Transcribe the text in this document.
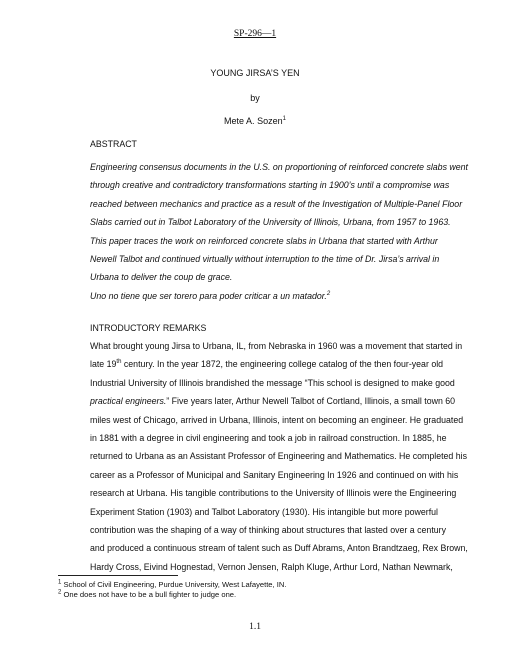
SP-296—1
YOUNG JIRSA’S YEN
by
Mete A. Sozen$^1$
ABSTRACT
Engineering consensus documents in the U.S. on proportioning of reinforced concrete slabs went
through creative and contradictory transformations starting in 1900’s until a compromise was
reached between mechanics and practice as a result of the Investigation of Multiple-Panel Floor
Slabs carried out in Talbot Laboratory of the University of Illinois, Urbana, from 1957 to 1963.
This paper traces the work on reinforced concrete slabs in Urbana that started with Arthur
Newell Talbot and continued virtually without interruption to the time of Dr. Jirsa’s arrival in
Urbana to deliver the coup de grace.
Uno no tiene que ser torero para poder criticar a un matador.$^2$
INTRODUCTORY REMARKS
What brought young Jirsa to Urbana, IL, from Nebraska in 1960 was a movement that started in
late 19th century. In the year 1872, the engineering college catalog of the then four-year old
Industrial University of Illinois brandished the message “This school is designed to make good
practical engineers.” Five years later, Arthur Newell Talbot of Cortland, Illinois, a small town 60
miles west of Chicago, arrived in Urbana, Illinois, intent on becoming an engineer. He graduated
in 1881 with a degree in civil engineering and took a job in railroad construction. In 1885, he
returned to Urbana as an Assistant Professor of Engineering and Mathematics. He completed his
career as a Professor of Municipal and Sanitary Engineering In 1926 and continued on with his
research at Urbana. His tangible contributions to the University of Illinois were the Engineering
Experiment Station (1903) and Talbot Laboratory (1930). His intangible but more powerful
contribution was the shaping of a way of thinking about structures that lasted over a century
and produced a continuous stream of talent such as Duff Abrams, Anton Brandtzaeg, Rex Brown,
Hardy Cross, Eivind Hognestad, Vernon Jensen, Ralph Kluge, Arthur Lord, Nathan Newmark,
$^1$ School of Civil Engineering, Purdue University, West Lafayette, IN.
$^2$ One does not have to be a bull fighter to judge one.
1.1
